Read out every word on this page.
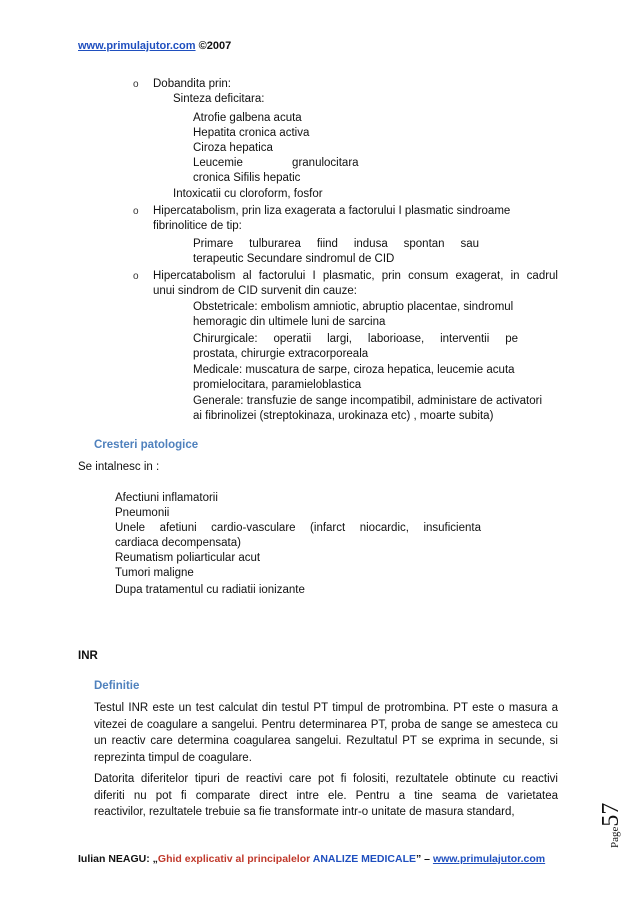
www.primulajutor.com ©2007
o Dobandita prin:
Sinteza deficitara:
Atrofie galbena acuta
Hepatita cronica activa
Ciroza hepatica
Leucemie granulocitara
cronica Sifilis hepatic
Intoxicatii cu cloroform, fosfor
o Hipercatabolism, prin liza exagerata a factorului I plasmatic sindroame
fibrinolitice de tip:
Primare tulburarea fiind indusa spontan sau
terapeutic Secundare sindromul de CID
o Hipercatabolism al factorului I plasmatic, prin consum exagerat, in cadrul
unui sindrom de CID survenit din cauze:
Obstetricale: embolism amniotic, abruptio placentae, sindromul
hemoragic din ultimele luni de sarcina
Chirurgicale: operatii largi, laborioase, interventii pe
prostata, chirurgie extracorporeala
Medicale: muscatura de sarpe, ciroza hepatica, leucemie acuta
promielocitara, paramieloblastica
Generale: transfuzie de sange incompatibil, administare de activatori
ai fibrinolizei (streptokinaza, urokinaza etc) , moarte subita)
Cresteri patologice
Se intalnesc in :
Afectiuni inflamatorii
Pneumonii
Unele afetiuni cardio-vasculare (infarct niocardic, insuficienta
cardiaca decompensata)
Reumatism poliarticular acut
Tumori maligne
Dupa tratamentul cu radiatii ionizante
INR
Definitie
Testul INR este un test calculat din testul PT timpul de protrombina. PT este o masura a
vitezei de coagulare a sangelui. Pentru determinarea PT, proba de sange se amesteca cu
un reactiv care determina coagularea sangelui. Rezultatul PT se exprima in secunde, si
reprezinta timpul de coagulare.
Datorita diferitelor tipuri de reactivi care pot fi folositi, rezultatele obtinute cu reactivi
diferiti nu pot fi comparate direct intre ele. Pentru a tine seama de varietatea
reactivilor, rezultatele trebuie sa fie transformate intr-o unitate de masura standard,
Page57
Iulian NEAGU: „Ghid explicativ al principalelor ANALIZE MEDICALE” – www.primulajutor.com
